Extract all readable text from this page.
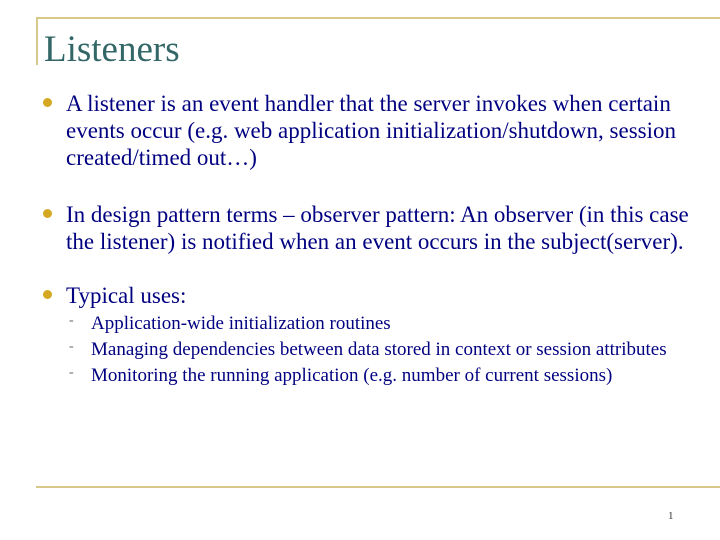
Listeners
A listener is an event handler that the server invokes when certain events occur (e.g. web application initialization/shutdown, session created/timed out…)
In design pattern terms – observer pattern: An observer (in this case the listener) is notified when an event occurs in the subject(server).
Typical uses:
- Application-wide initialization routines
- Managing dependencies between data stored in context or session attributes
- Monitoring the running application (e.g. number of current sessions)
1
